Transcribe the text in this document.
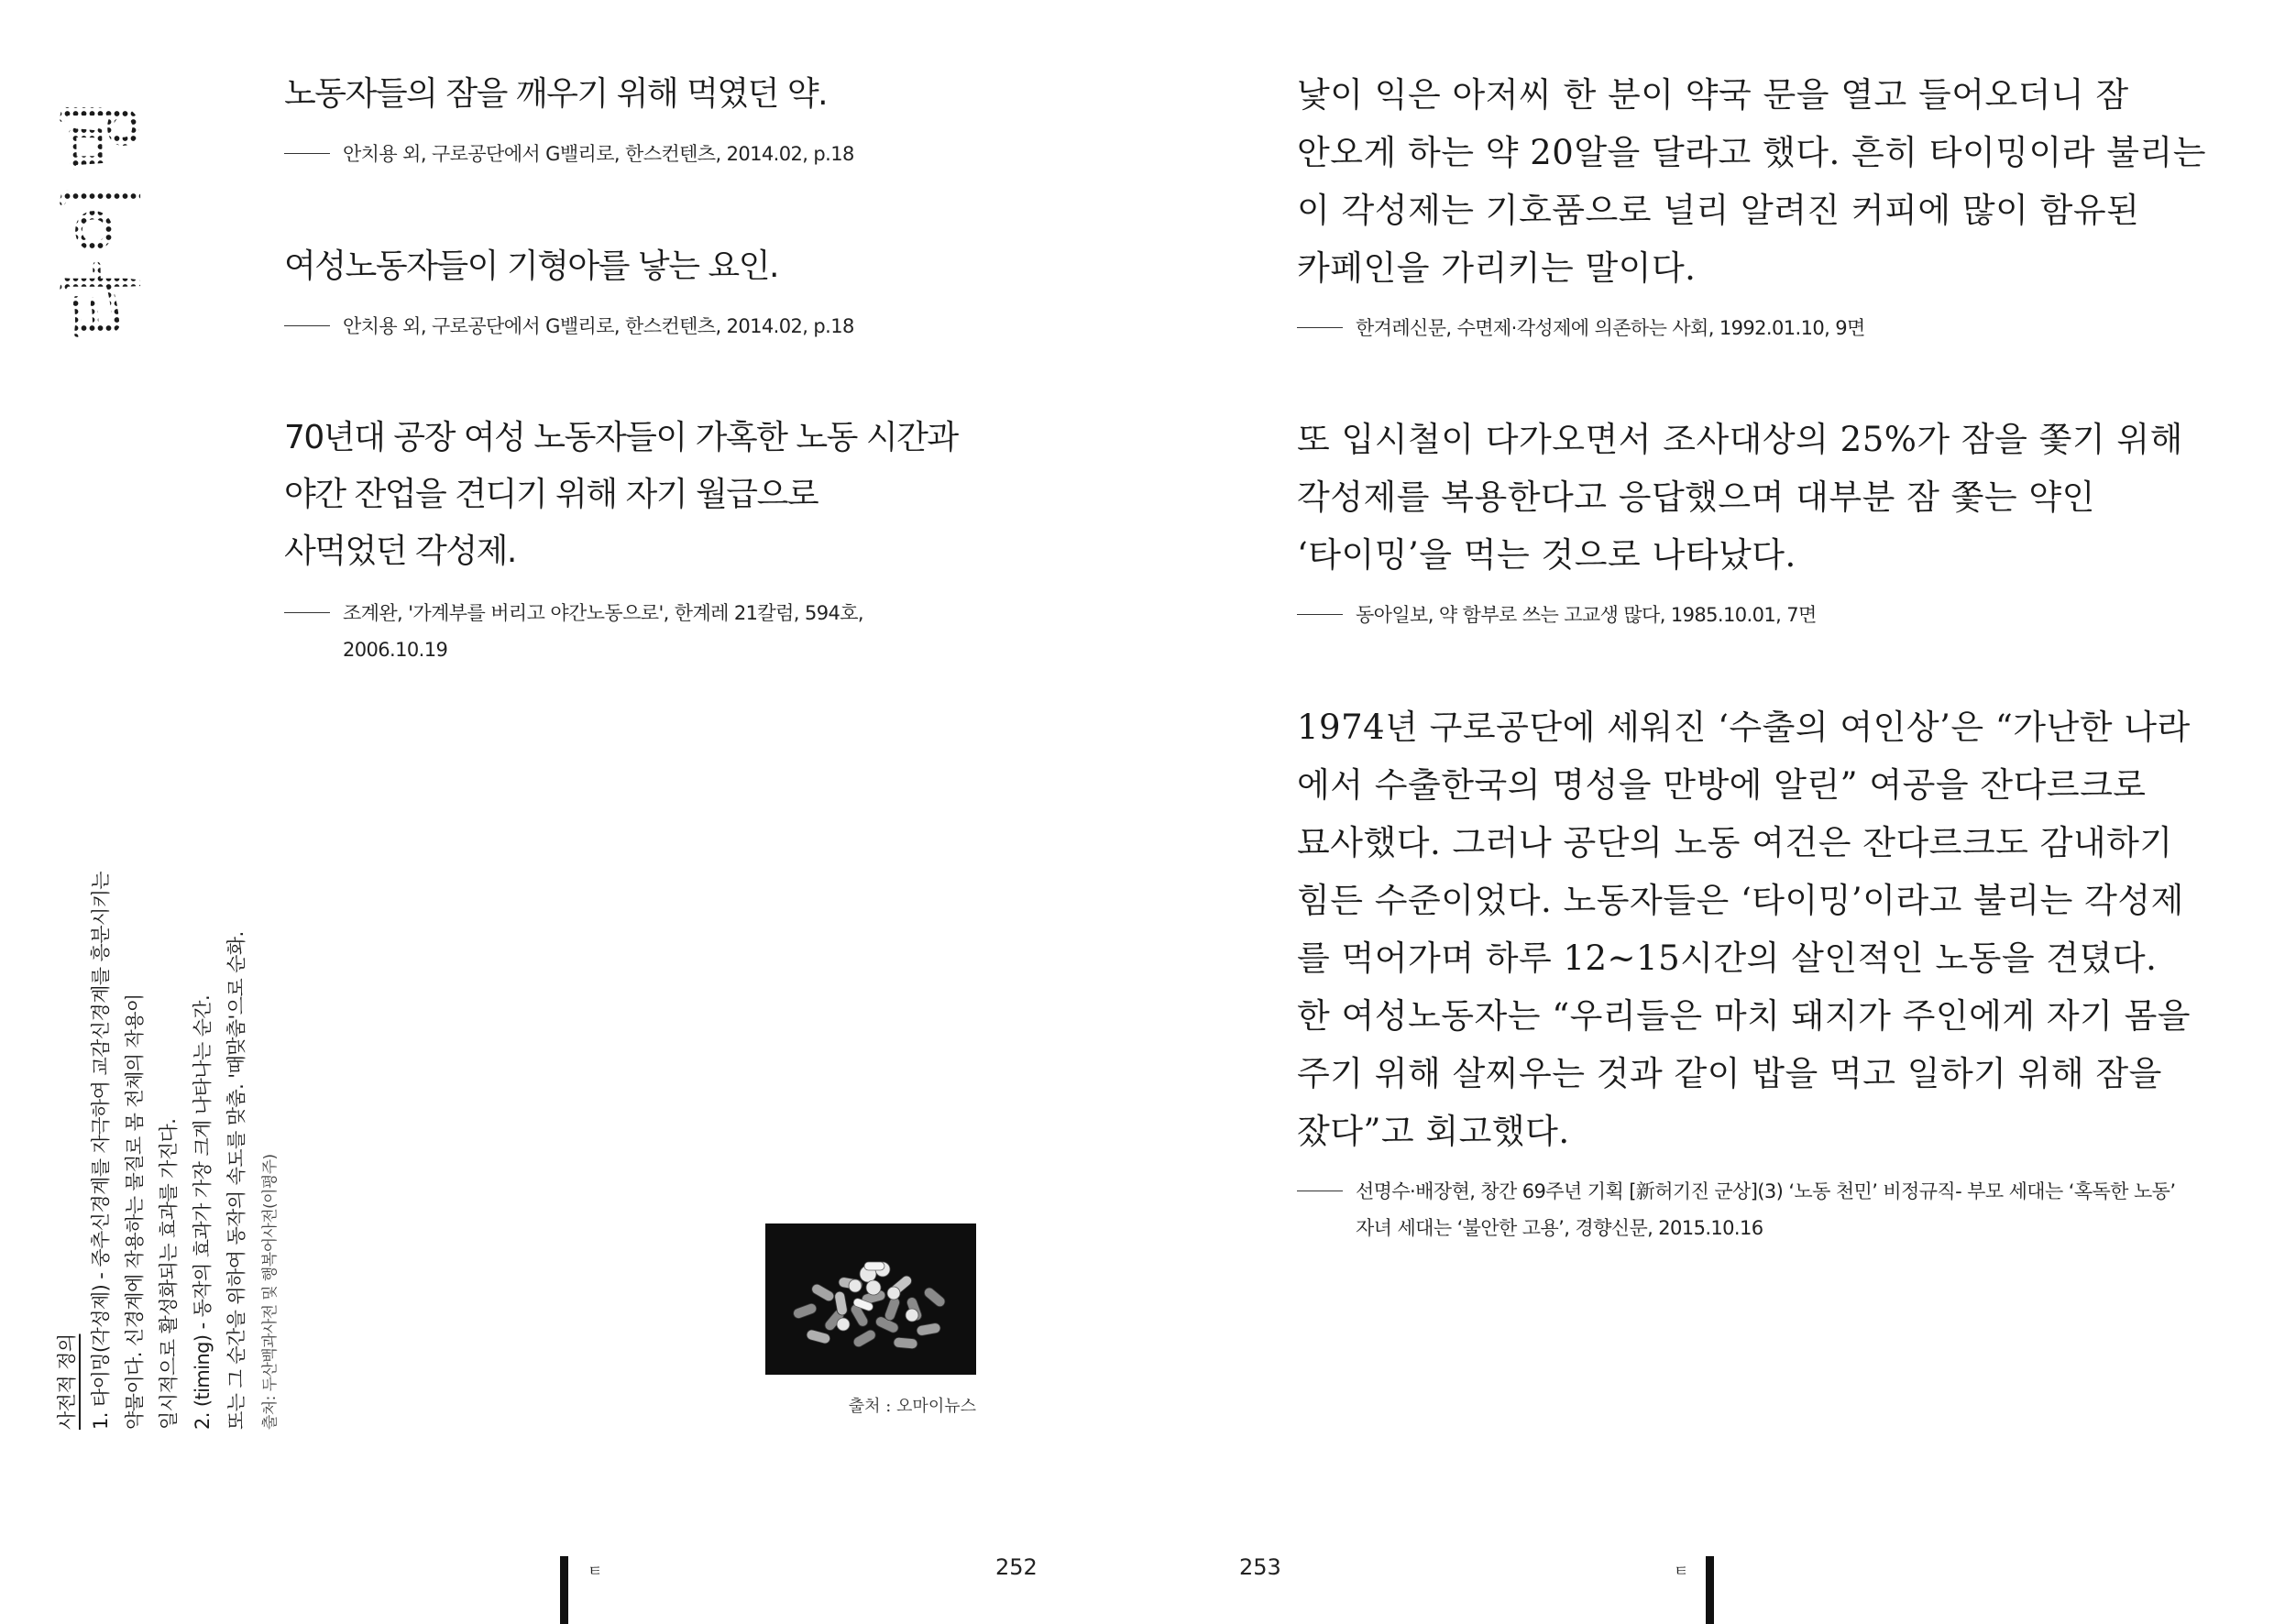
타이밍	노동자들의 잠을 깨우기 위해 먹였던 약.
안치용 외, 구로공단에서 G밸리로, 한스컨텐츠, 2014.02, p.18
여성노동자들이 기형아를 낳는 요인.
안치용 외, 구로공단에서 G밸리로, 한스컨텐츠, 2014.02, p.18
70년대 공장 여성 노동자들이 가혹한 노동 시간과
야간 잔업을 견디기 위해 자기 월급으로
사먹었던 각성제.
조계완, '가계부를 버리고 야간노동으로', 한계레 21칼럼, 594호,
2006.10.19
낯이 익은 아저씨 한 분이 약국 문을 열고 들어오더니 잠
안오게 하는 약 20알을 달라고 했다. 흔히 타이밍이라 불리는
이 각성제는 기호품으로 널리 알려진 커피에 많이 함유된
카페인을 가리키는 말이다.
한겨레신문, 수면제·각성제에 의존하는 사회, 1992.01.10, 9면
또 입시철이 다가오면서 조사대상의 25%가 잠을 쫓기 위해
각성제를 복용한다고 응답했으며 대부분 잠 쫓는 약인
‘타이밍’을 먹는 것으로 나타났다.
동아일보, 약 함부로 쓰는 고교생 많다, 1985.10.01, 7면
1974년 구로공단에 세워진 ‘수출의 여인상’은 “가난한 나라
에서 수출한국의 명성을 만방에 알린” 여공을 잔다르크로
묘사했다. 그러나 공단의 노동 여건은 잔다르크도 감내하기
힘든 수준이었다. 노동자들은 ‘타이밍’이라고 불리는 각성제
를 먹어가며 하루 12~15시간의 살인적인 노동을 견뎠다.
한 여성노동자는 “우리들은 마치 돼지가 주인에게 자기 몸을
주기 위해 살찌우는 것과 같이 밥을 먹고 일하기 위해 잠을
잤다”고 회고했다.
선명수·배장현, 창간 69주년 기획 [新허기진 군상](3) ‘노동 천민’ 비정규직- 부모 세대는 ‘혹독한 노동’
자녀 세대는 ‘불안한 고용’, 경향신문, 2015.10.16

사전적 정의 1. 타이밍(각성제) - 중추신경계를 자극하여 교감신경계를 흥분시키는 약물이다. 신경계에 작용하는 물질로 몸 전체의 작용이 일시적으로 활성화되는 효과를 가진다. 2. (timing) - 동작의 효과가 가장 크게 나타나는 순간. 또는 그 순간을 위하여 동작의 속도를 맞춤. '때맞춤'으로 순화. 출처: 두산백과사전 및 행복어사전(이평주)	출처 : 오마이뉴스
ㅌ	252	253	ㅌ
